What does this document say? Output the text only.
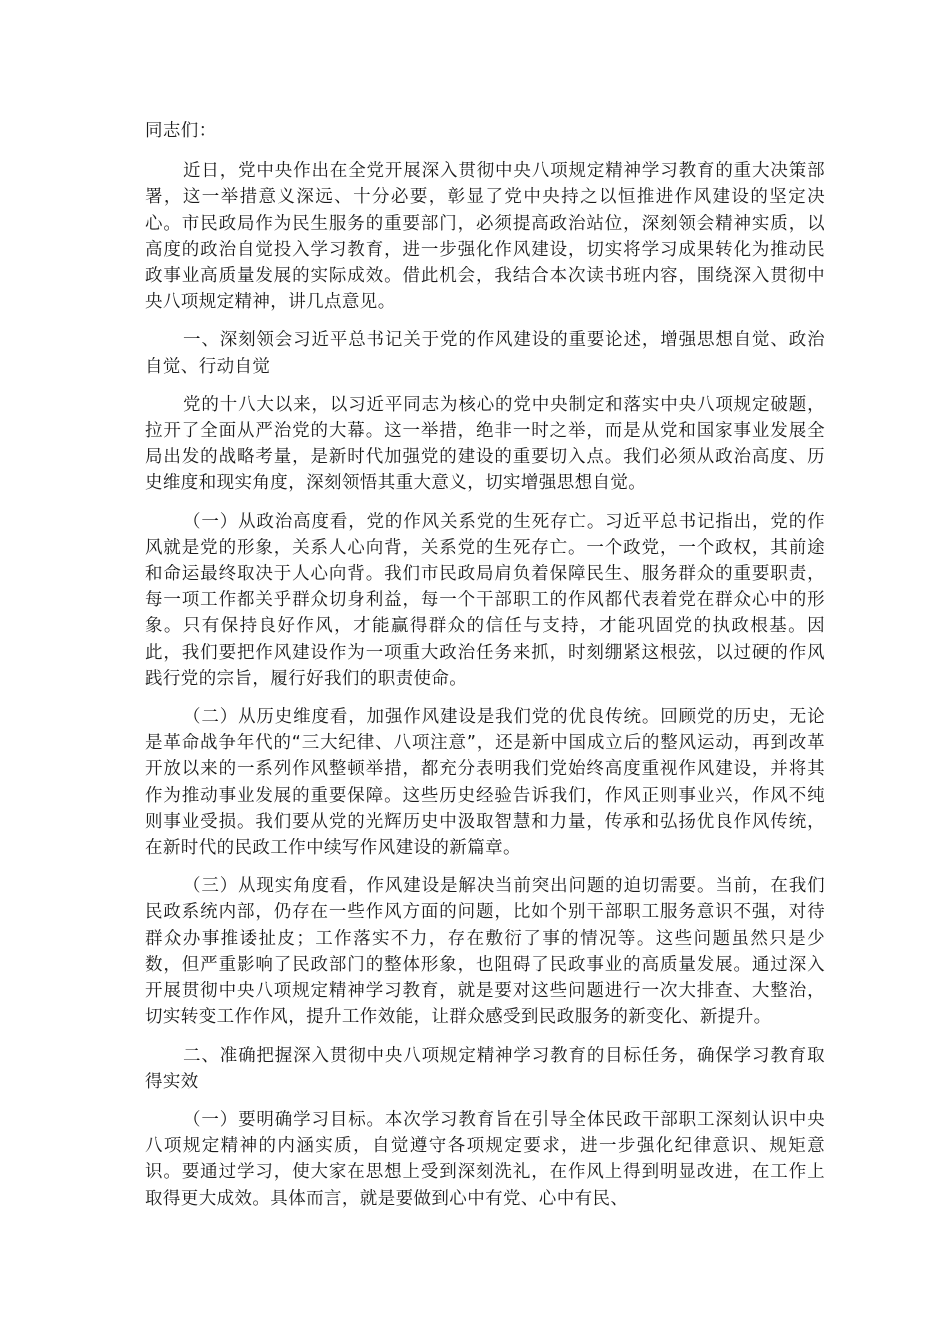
同志们：

近日，党中央作出在全党开展深入贯彻中央八项规定精神学习教育的重大决策部署，这一举措意义深远、十分必要，彰显了党中央持之以恒推进作风建设的坚定决心。市民政局作为民生服务的重要部门，必须提高政治站位，深刻领会精神实质，以高度的政治自觉投入学习教育，进一步强化作风建设，切实将学习成果转化为推动民政事业高质量发展的实际成效。借此机会，我结合本次读书班内容，围绕深入贯彻中央八项规定精神，讲几点意见。

一、深刻领会习近平总书记关于党的作风建设的重要论述，增强思想自觉、政治自觉、行动自觉

党的十八大以来，以习近平同志为核心的党中央制定和落实中央八项规定破题，拉开了全面从严治党的大幕。这一举措，绝非一时之举，而是从党和国家事业发展全局出发的战略考量，是新时代加强党的建设的重要切入点。我们必须从政治高度、历史维度和现实角度，深刻领悟其重大意义，切实增强思想自觉。

（一）从政治高度看，党的作风关系党的生死存亡。习近平总书记指出，党的作风就是党的形象，关系人心向背，关系党的生死存亡。一个政党，一个政权，其前途和命运最终取决于人心向背。我们市民政局肩负着保障民生、服务群众的重要职责，每一项工作都关乎群众切身利益，每一个干部职工的作风都代表着党在群众心中的形象。只有保持良好作风，才能赢得群众的信任与支持，才能巩固党的执政根基。因此，我们要把作风建设作为一项重大政治任务来抓，时刻绷紧这根弦，以过硬的作风践行党的宗旨，履行好我们的职责使命。

（二）从历史维度看，加强作风建设是我们党的优良传统。回顾党的历史，无论是革命战争年代的“三大纪律、八项注意”，还是新中国成立后的整风运动，再到改革开放以来的一系列作风整顿举措，都充分表明我们党始终高度重视作风建设，并将其作为推动事业发展的重要保障。这些历史经验告诉我们，作风正则事业兴，作风不纯则事业受损。我们要从党的光辉历史中汲取智慧和力量，传承和弘扬优良作风传统，在新时代的民政工作中续写作风建设的新篇章。

（三）从现实角度看，作风建设是解决当前突出问题的迫切需要。当前，在我们民政系统内部，仍存在一些作风方面的问题，比如个别干部职工服务意识不强，对待群众办事推诿扯皮；工作落实不力，存在敷衍了事的情况等。这些问题虽然只是少数，但严重影响了民政部门的整体形象，也阻碍了民政事业的高质量发展。通过深入开展贯彻中央八项规定精神学习教育，就是要对这些问题进行一次大排查、大整治，切实转变工作作风，提升工作效能，让群众感受到民政服务的新变化、新提升。

二、准确把握深入贯彻中央八项规定精神学习教育的目标任务，确保学习教育取得实效

（一）要明确学习目标。本次学习教育旨在引导全体民政干部职工深刻认识中央八项规定精神的内涵实质，自觉遵守各项规定要求，进一步强化纪律意识、规矩意识。要通过学习，使大家在思想上受到深刻洗礼，在作风上得到明显改进，在工作上取得更大成效。具体而言，就是要做到心中有党、心中有民、
